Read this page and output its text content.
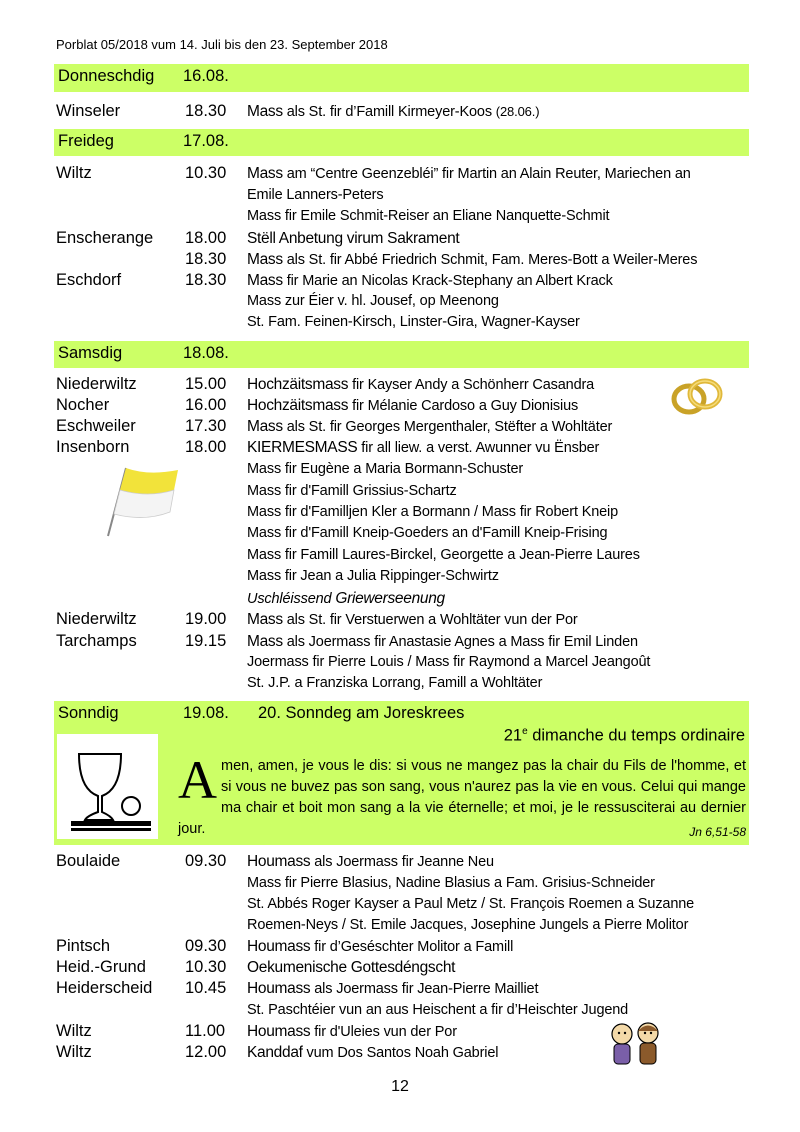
Porblat 05/2018 vum 14. Juli bis den 23. September 2018
Donneschdig 16.08.
Winseler	18.30 Mass als St. fir d’Famill Kirmeyer-Koos (28.06.)
Freideg	17.08.
Wiltz	10.30 Mass am “Centre Geenzebléi” fir Martin an Alain Reuter, Mariechen an
Emile Lanners-Peters
Mass fir Emile Schmit-Reiser an Eliane Nanquette-Schmit
Enscherange 18.00 Stëll Anbetung virum Sakrament
18.30 Mass als St. fir Abbé Friedrich Schmit, Fam. Meres-Bott a Weiler-Meres
Eschdorf	18.30 Mass fir Marie an Nicolas Krack-Stephany an Albert Krack
Mass zur Éier v. hl. Jousef, op Meenong
St. Fam. Feinen-Kirsch, Linster-Gira, Wagner-Kayser
Samsdig	18.08.
Niederwiltz	15.00 Hochzäitsmass fir Kayser Andy a Schönherr Casandra
Nocher	16.00 Hochzäitsmass fir Mélanie Cardoso a Guy Dionisius
Eschweiler	17.30 Mass als St. fir Georges Mergenthaler, Stëfter a Wohltäter
Insenborn	18.00 KIERMESMASS fir all liew. a verst. Awunner vu Ënsber
Mass fir Eugène a Maria Bormann-Schuster
Mass fir d'Famill Grissius-Schartz
Mass fir d'Familljen Kler a Bormann / Mass fir Robert Kneip
Mass fir d'Famill Kneip-Goeders an d'Famill Kneip-Frising
Mass fir Famill Laures-Birckel, Georgette a Jean-Pierre Laures
Mass fir Jean a Julia Rippinger-Schwirtz
Uschléissend Griewerseenung
Niederwiltz	19.00 Mass als St. fir Verstuerwen a Wohltäter vun der Por
Tarchamps	19.15 Mass als Joermass fir Anastasie Agnes a Mass fir Emil Linden
Joermass fir Pierre Louis / Mass fir Raymond a Marcel Jeangoût
St. J.P. a Franziska Lorrang, Famill a Wohltäter
Sonndig	19.08. 20. Sonndeg am Joreskrees
21e dimanche du temps ordinaire
A men, amen, je vous le dis: si vous ne mangez pas la chair du Fils de l'homme, et si vous ne buvez pas son sang, vous n'aurez pas la vie en vous. Celui qui mange ma chair et boit mon sang a la vie éternelle; et moi, je le ressusciterai au dernier jour.	Jn 6,51-58
Boulaide	09.30 Houmass als Joermass fir Jeanne Neu
Mass fir Pierre Blasius, Nadine Blasius a Fam. Grisius-Schneider
St. Abbés Roger Kayser a Paul Metz / St. François Roemen a Suzanne
Roemen-Neys / St. Emile Jacques, Josephine Jungels a Pierre Molitor
Pintsch	09.30 Houmass fir d’Geséschter Molitor a Famill
Heid.-Grund 10.30 Oekumenische Gottesdéngscht
Heiderscheid 10.45 Houmass als Joermass fir Jean-Pierre Mailliet
St. Paschtéier vun an aus Heischent a fir d’Heischter Jugend
Wiltz	11.00 Houmass fir d'Uleies vun der Por
Wiltz	12.00 Kanddaf vum Dos Santos Noah Gabriel
12
